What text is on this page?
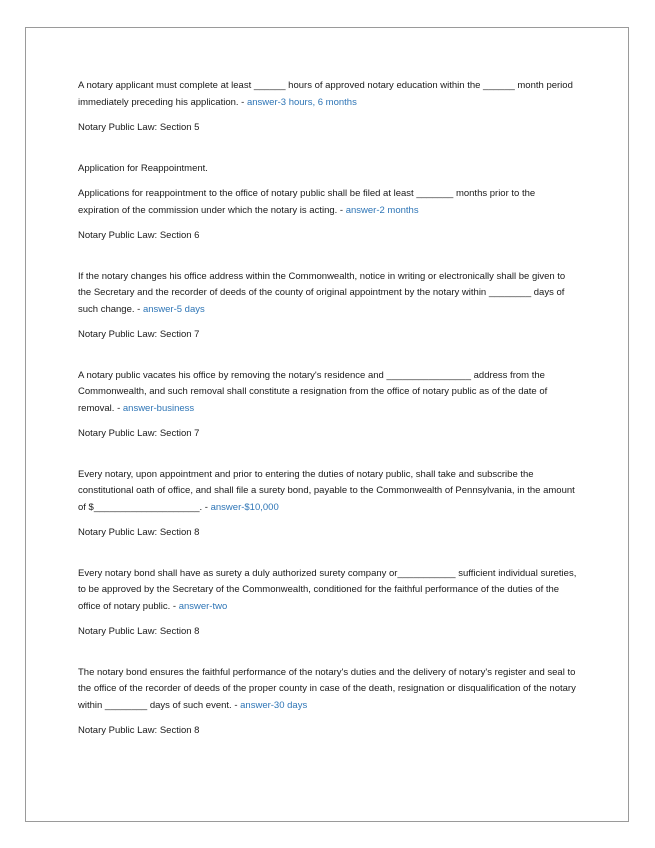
A notary applicant must complete at least ______ hours of approved notary education within the ______ month period immediately preceding his application. - answer-3 hours, 6 months

Notary Public Law: Section 5

Application for Reappointment.

Applications for reappointment to the office of notary public shall be filed at least _______ months prior to the expiration of the commission under which the notary is acting. - answer-2 months

Notary Public Law: Section 6

If the notary changes his office address within the Commonwealth, notice in writing or electronically shall be given to the Secretary and the recorder of deeds of the county of original appointment by the notary within ________ days of such change. - answer-5 days

Notary Public Law: Section 7

A notary public vacates his office by removing the notary's residence and ________________ address from the Commonwealth, and such removal shall constitute a resignation from the office of notary public as of the date of removal. - answer-business

Notary Public Law: Section 7

Every notary, upon appointment and prior to entering the duties of notary public, shall take and subscribe the constitutional oath of office, and shall file a surety bond, payable to the Commonwealth of Pennsylvania, in the amount of $____________________. - answer-$10,000

Notary Public Law: Section 8

Every notary bond shall have as surety a duly authorized surety company or___________ sufficient individual sureties, to be approved by the Secretary of the Commonwealth, conditioned for the faithful performance of the duties of the office of notary public. - answer-two

Notary Public Law: Section 8

The notary bond ensures the faithful performance of the notary's duties and the delivery of notary's register and seal to the office of the recorder of deeds of the proper county in case of the death, resignation or disqualification of the notary within ________ days of such event. - answer-30 days

Notary Public Law: Section 8
